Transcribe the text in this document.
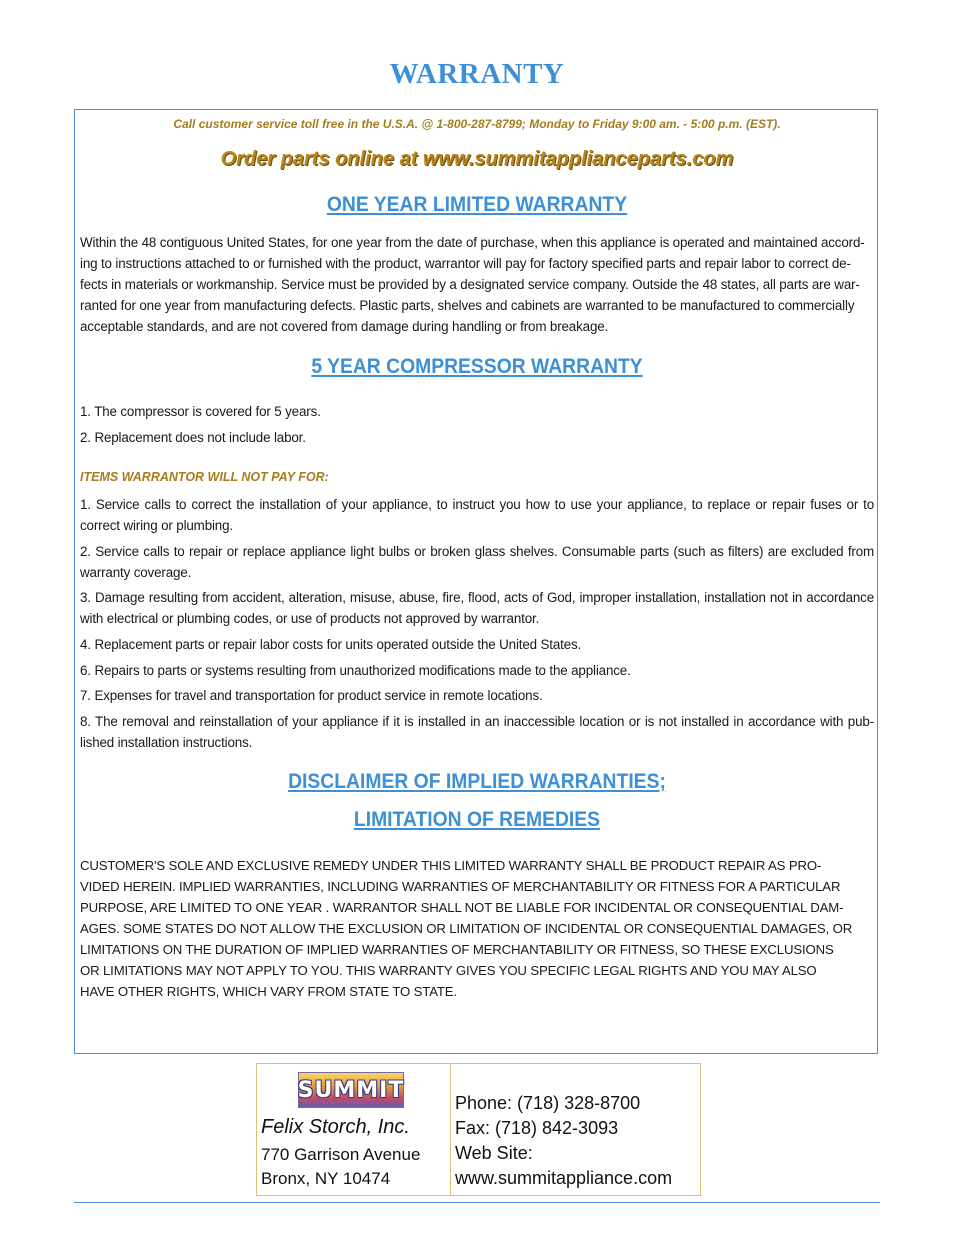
WARRANTY
Call customer service toll free in the U.S.A. @ 1-800-287-8799; Monday to Friday 9:00 am. - 5:00 p.m. (EST).
Order parts online at www.summitapplianceparts.com
ONE YEAR LIMITED WARRANTY
Within the 48 contiguous United States, for one year from the date of purchase, when this appliance is operated and maintained accord-
ing to instructions attached to or furnished with the product, warrantor will pay for factory specified parts and repair labor to correct de-
fects in materials or workmanship. Service must be provided by a designated service company. Outside the 48 states, all parts are war-
ranted for one year from manufacturing defects. Plastic parts, shelves and cabinets are warranted to be manufactured to commercially
acceptable standards, and are not covered from damage during handling or from breakage.
5 YEAR COMPRESSOR WARRANTY
1. The compressor is covered for 5 years.
2. Replacement does not include labor.
ITEMS WARRANTOR WILL NOT PAY FOR:
1. Service calls to correct the installation of your appliance, to instruct you how to use your appliance, to replace or repair fuses or to correct wiring or plumbing.
2. Service calls to repair or replace appliance light bulbs or broken glass shelves. Consumable parts (such as filters) are excluded from warranty coverage.
3. Damage resulting from accident, alteration, misuse, abuse, fire, flood, acts of God, improper installation, installation not in accordance with electrical or plumbing codes, or use of products not approved by warrantor.
4. Replacement parts or repair labor costs for units operated outside the United States.
6. Repairs to parts or systems resulting from unauthorized modifications made to the appliance.
7. Expenses for travel and transportation for product service in remote locations.
8. The removal and reinstallation of your appliance if it is installed in an inaccessible location or is not installed in accordance with pub-lished installation instructions.
DISCLAIMER OF IMPLIED WARRANTIES;
LIMITATION OF REMEDIES
CUSTOMER'S SOLE AND EXCLUSIVE REMEDY UNDER THIS LIMITED WARRANTY SHALL BE PRODUCT REPAIR AS PRO-
VIDED HEREIN. IMPLIED WARRANTIES, INCLUDING WARRANTIES OF MERCHANTABILITY OR FITNESS FOR A PARTICULAR
PURPOSE, ARE LIMITED TO ONE YEAR . WARRANTOR SHALL NOT BE LIABLE FOR INCIDENTAL OR CONSEQUENTIAL DAM-
AGES. SOME STATES DO NOT ALLOW THE EXCLUSION OR LIMITATION OF INCIDENTAL OR CONSEQUENTIAL DAMAGES, OR
LIMITATIONS ON THE DURATION OF IMPLIED WARRANTIES OF MERCHANTABILITY OR FITNESS, SO THESE EXCLUSIONS
OR LIMITATIONS MAY NOT APPLY TO YOU. THIS WARRANTY GIVES YOU SPECIFIC LEGAL RIGHTS AND YOU MAY ALSO
HAVE OTHER RIGHTS, WHICH VARY FROM STATE TO STATE.
SUMMIT
Felix Storch, Inc.
770 Garrison Avenue
Bronx, NY 10474
Phone: (718) 328-8700
Fax: (718) 842-3093
Web Site:
www.summitappliance.com
